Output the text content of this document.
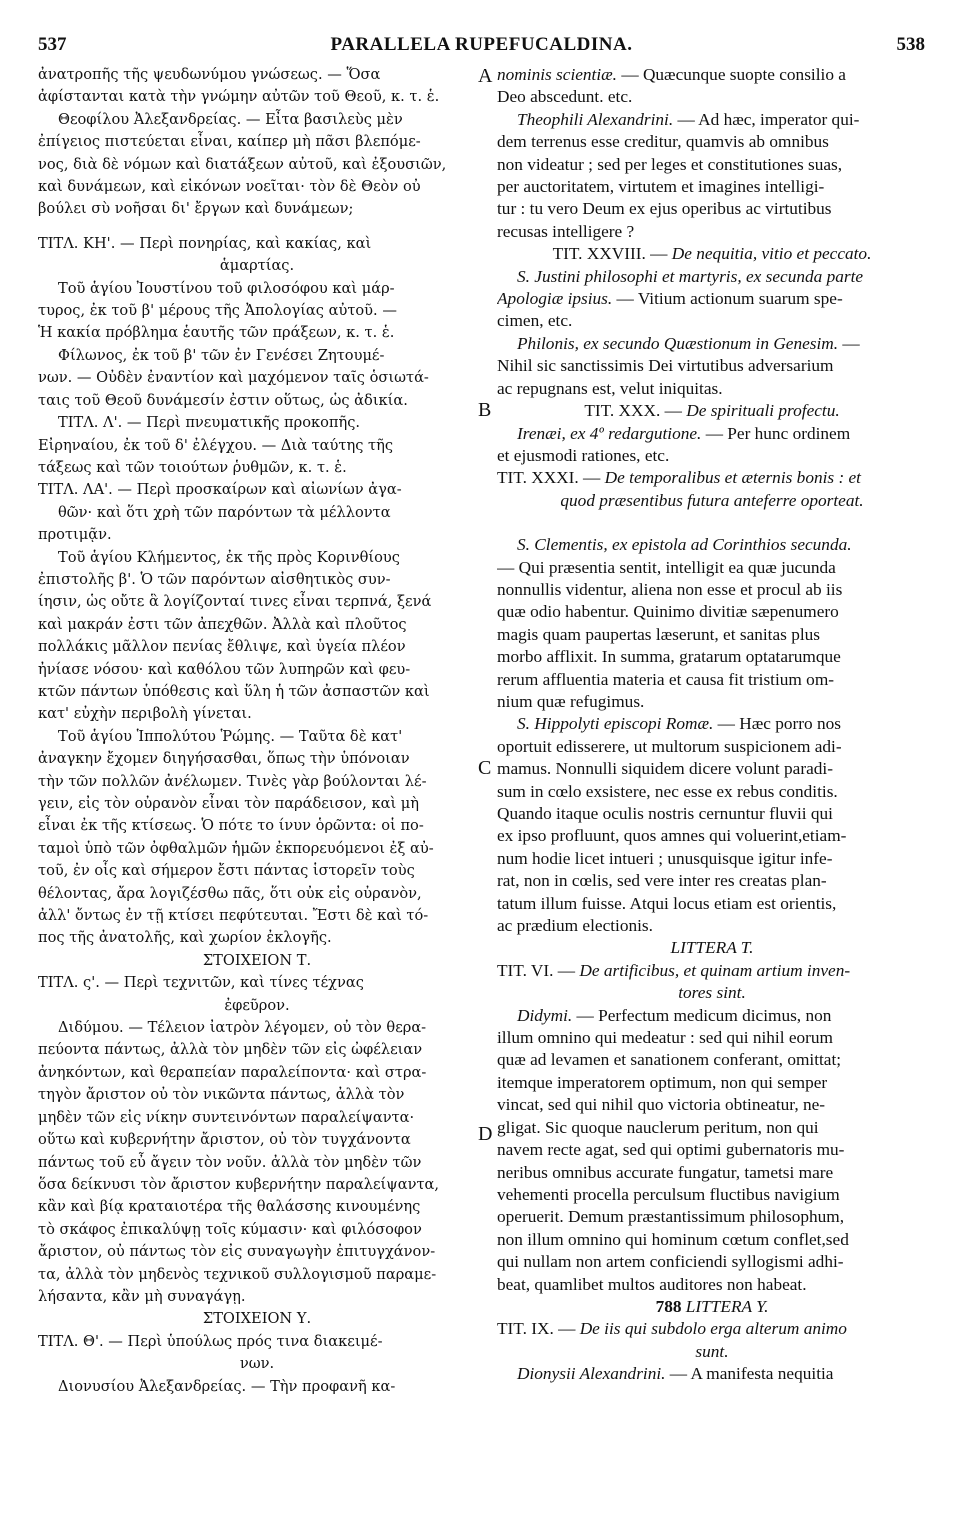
537	PARALLELA RUPEFUCALDINA.	538

ἀνατροπῆς τῆς ψευδωνύμου γνώσεως. — Ὅσα

ἀφίστανται κατὰ τὴν γνώμην αὐτῶν τοῦ Θεοῦ, κ. τ. ἑ.

Θεοφίλου Ἀλεξανδρείας. — Εἶτα βασιλεὺς μὲν

ἐπίγειος πιστεύεται εἶναι, καίπερ μὴ πᾶσι βλεπόμε-

νος, διὰ δὲ νόμων καὶ διατάξεων αὐτοῦ, καὶ ἐξουσιῶν,

καὶ δυνάμεων, καὶ εἰκόνων νοεῖται· τὸν δὲ Θεὸν οὐ

βούλει σὺ νοῆσαι δι' ἔργων καὶ δυνάμεων;

ΤΙΤΛ. ΚΗ'. — Περὶ πονηρίας, καὶ κακίας, καὶ

ἁμαρτίας.

Τοῦ ἁγίου Ἰουστίνου τοῦ φιλοσόφου καὶ μάρ-

τυρος, ἐκ τοῦ β' μέρους τῆς Ἀπολογίας αὐτοῦ. —

Ἡ κακία πρόβλημα ἑαυτῆς τῶν πράξεων, κ. τ. ἑ.

Φίλωνος, ἐκ τοῦ β' τῶν ἐν Γενέσει Ζητουμέ-

νων. — Οὐδὲν ἐναντίον καὶ μαχόμενον ταῖς ὁσιωτά-

ταις τοῦ Θεοῦ δυνάμεσίν ἐστιν οὕτως, ὡς ἀδικία.

ΤΙΤΛ. Λ'. — Περὶ πνευματικῆς προκοπῆς.

Εἰρηναίου, ἐκ τοῦ δ' ἐλέγχου. — Διὰ ταύτης τῆς

τάξεως καὶ τῶν τοιούτων ῥυθμῶν, κ. τ. ἑ.

ΤΙΤΛ. ΛΑ'. — Περὶ προσκαίρων καὶ αἰωνίων ἀγα-

θῶν· καὶ ὅτι χρὴ τῶν παρόντων τὰ μέλλοντα

προτιμᾷν.

Τοῦ ἁγίου Κλήμεντος, ἐκ τῆς πρὸς Κορινθίους

ἐπιστολῆς β'. Ὁ τῶν παρόντων αἰσθητικὸς συν-

ίησιν, ὡς οὔτε ἃ λογίζονταί τινες εἶναι τερπνά, ξενά

καὶ μακράν ἐστι τῶν ἀπεχθῶν. Ἀλλὰ καὶ πλοῦτος

πολλάκις μᾶλλον πενίας ἔθλιψε, καὶ ὑγεία πλέον

ἠνίασε νόσου· καὶ καθόλου τῶν λυπηρῶν καὶ φευ-

κτῶν πάντων ὑπόθεσις καὶ ὕλη ἡ τῶν ἀσπαστῶν καὶ

κατ' εὐχὴν περιβολὴ γίνεται.

Τοῦ ἁγίου Ἱππολύτου Ῥώμης. — Ταῦτα δὲ κατ'

ἀναγκην ἔχομεν διηγήσασθαι, ὅπως τὴν ὑπόνοιαν

τὴν τῶν πολλῶν ἀνέλωμεν. Τινὲς γὰρ βούλονται λέ-

γειν, εἰς τὸν οὐρανὸν εἶναι τὸν παράδεισον, καὶ μὴ

εἶναι ἐκ τῆς κτίσεως. Ὁ πότε το ίνυν ὁρῶντα: οἱ πο-

ταμοὶ ὑπὸ τῶν ὀφθαλμῶν ἡμῶν ἐκπορευόμενοι ἐξ αὐ-

τοῦ, ἐν οἷς καὶ σήμερον ἔστι πάντας ἱστορεῖν τοὺς

θέλοντας, ἄρα λογιζέσθω πᾶς, ὅτι οὐκ εἰς οὐρανὸν,

ἀλλ' ὄντως ἐν τῇ κτίσει πεφύτευται. Ἔστι δὲ καὶ τό-

πος τῆς ἀνατολῆς, καὶ χωρίον ἐκλογῆς.

ΣΤΟΙΧΕΙΟΝ Τ.

ΤΙΤΛ. ς'. — Περὶ τεχνιτῶν, καὶ τίνες τέχνας

ἐφεῦρον.

Διδύμου. — Τέλειον ἰατρὸν λέγομεν, οὐ τὸν θερα-

πεύοντα πάντως, ἀλλὰ τὸν μηδὲν τῶν εἰς ὠφέλειαν

ἀνηκόντων, καὶ θεραπείαν παραλείποντα· καὶ στρα-

τηγὸν ἄριστον οὐ τὸν νικῶντα πάντως, ἀλλὰ τὸν

μηδὲν τῶν εἰς νίκην συντεινόντων παραλείψαντα·

οὕτω καὶ κυβερνήτην ἄριστον, οὐ τὸν τυγχάνοντα

πάντως τοῦ εὖ ἄγειν τὸν νοῦν. ἀλλὰ τὸν μηδὲν τῶν

ὅσα δείκνυσι τὸν ἄριστον κυβερνήτην παραλείψαντα,

κἂν καὶ βίᾳ κραταιοτέρα τῆς θαλάσσης κινουμένης

τὸ σκάφος ἐπικαλύψῃ τοῖς κύμασιν· καὶ φιλόσοφον

ἄριστον, οὐ πάντως τὸν εἰς συναγωγὴν ἐπιτυγχάνον-

τα, ἀλλὰ τὸν μηδενὸς τεχνικοῦ συλλογισμοῦ παραμε-

λήσαντα, κἂν μὴ συναγάγῃ.

ΣΤΟΙΧΕΙΟΝ Υ.

ΤΙΤΛ. Θ'. — Περὶ ὑπούλως πρός τινα διακειμέ-

νων.

Διονυσίου Ἀλεξανδρείας. — Τὴν προφανῆ κα-

A
B
C
D

nominis scientiæ. — Quæcunque suopte consilio a

Deo abscedunt. etc.

Theophili Alexandrini. — Ad hæc, imperator qui-

dem terrenus esse creditur, quamvis ab omnibus

non videatur ; sed per leges et constitutiones suas,

per auctoritatem, virtutem et imagines intelligi-

tur : tu vero Deum ex ejus operibus ac virtutibus

recusas intelligere ?

TIT. XXVIII. — De nequitia, vitio et peccato.

S. Justini philosophi et martyris, ex secunda parte

Apologiæ ipsius. — Vitium actionum suarum spe-

cimen, etc.

Philonis, ex secundo Quæstionum in Genesim. —

Nihil sic sanctissimis Dei virtutibus adversarium

ac repugnans est, velut iniquitas.

TIT. XXX. — De spirituali profectu.

Irenæi, ex 4º redargutione. — Per hunc ordinem

et ejusmodi rationes, etc.

TIT. XXXI. — De temporalibus et æternis bonis : et

quod præsentibus futura anteferre oporteat.

S. Clementis, ex epistola ad Corinthios secunda.

— Qui præsentia sentit, intelligit ea quæ jucunda

nonnullis videntur, aliena non esse et procul ab iis

quæ odio habentur. Quinimo divitiæ sæpenumero

magis quam paupertas læserunt, et sanitas plus

morbo afflixit. In summa, gratarum optatarumque

rerum affluentia materia et causa fit tristium om-

nium quæ refugimus.

S. Hippolyti episcopi Romæ. — Hæc porro nos

oportuit edisserere, ut multorum suspicionem adi-

mamus. Nonnulli siquidem dicere volunt paradi-

sum in cœlo exsistere, nec esse ex rebus conditis.

Quando itaque oculis nostris cernuntur fluvii qui

ex ipso profluunt, quos amnes qui voluerint,etiam-

num hodie licet intueri ; unusquisque igitur infe-

rat, non in cœlis, sed vere inter res creatas plan-

tatum illum fuisse. Atqui locus etiam est orientis,

ac prædium electionis.

LITTERA T.

TIT. VI. — De artificibus, et quinam artium inven-

tores sint.

Didymi. — Perfectum medicum dicimus, non

illum omnino qui medeatur : sed qui nihil eorum

quæ ad levamen et sanationem conferant, omittat;

itemque imperatorem optimum, non qui semper

vincat, sed qui nihil quo victoria obtineatur, ne-

gligat. Sic quoque nauclerum peritum, non qui

navem recte agat, sed qui optimi gubernatoris mu-

neribus omnibus accurate fungatur, tametsi mare

vehementi procella perculsum fluctibus navigium

operuerit. Demum præstantissimum philosophum,

non illum omnino qui hominum cœtum conflet,sed

qui nullam non artem conficiendi syllogismi adhi-

beat, quamlibet multos auditores non habeat.

788 LITTERA Υ.

TIT. IX. — De iis qui subdolo erga alterum animo

sunt.

Dionysii Alexandrini. — A manifesta nequitia
